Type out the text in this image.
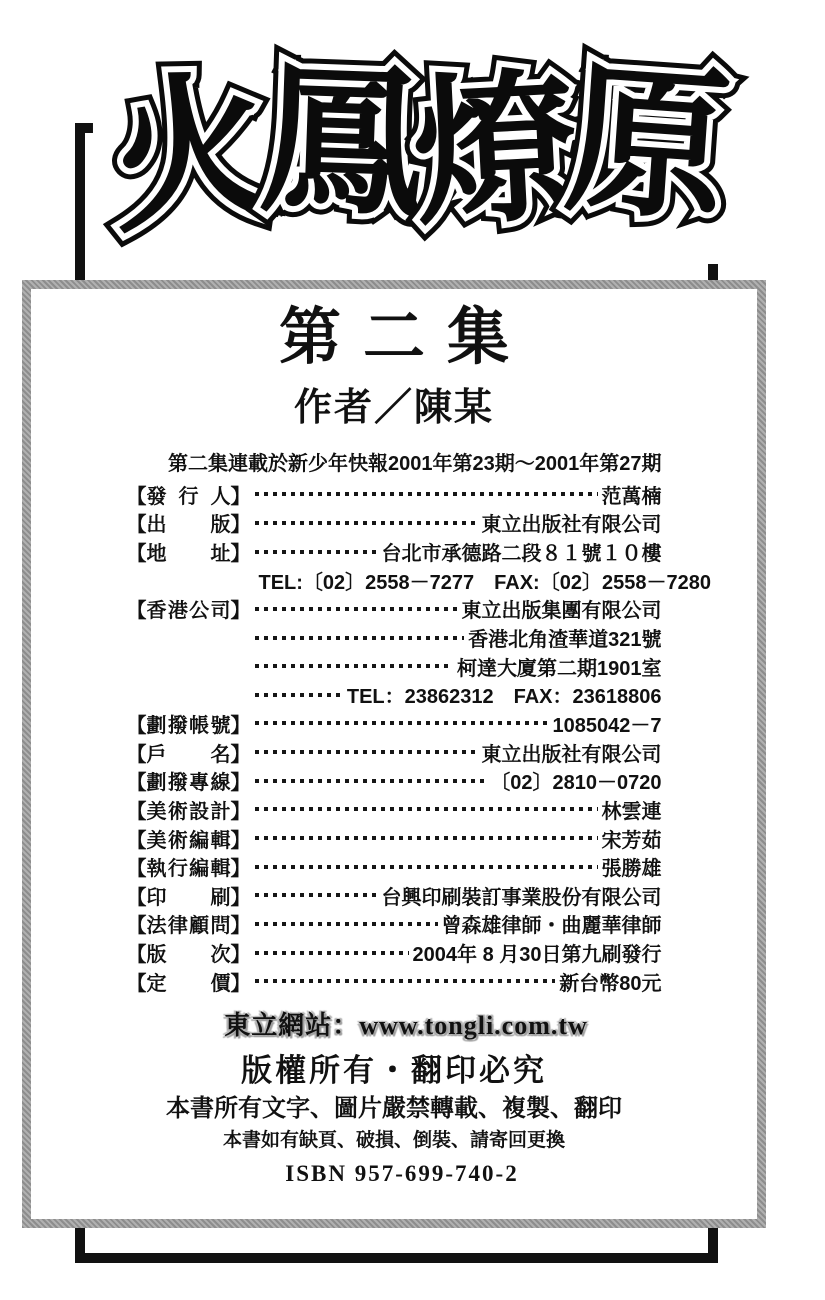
火 火 火鳳 鳳 鳳燎 燎 燎原 原 原
第二集
作者／陳某
第二集連載於新少年快報2001年第23期～2001年第27期
【 發行人 】	范萬楠
【 出版 】	東立出版社有限公司
【 地址 】	台北市承德路二段８１號１０樓
TEL:〔02〕2558－7277　FAX:〔02〕2558－7280
【 香港公司 】	東立出版集團有限公司
香港北角渣華道321號
柯達大廈第二期1901室
TEL：23862312　FAX：23618806
【 劃撥帳號 】	1085042－7
【 戶名 】	東立出版社有限公司
【 劃撥專線 】	〔02〕2810－0720
【 美術設計 】	林雲連
【 美術編輯 】	宋芳茹
【 執行編輯 】	張勝雄
【 印刷 】	台興印刷裝訂事業股份有限公司
【 法律顧問 】	曾森雄律師・曲麗華律師
【 版次 】	2004年 8 月30日第九刷發行
【 定價 】	新台幣80元
東立網站：www.tongli.com.tw
版權所有・翻印必究
本書所有文字、圖片嚴禁轉載、複製、翻印
本書如有缺頁、破損、倒裝、請寄回更換
ISBN 957-699-740-2
